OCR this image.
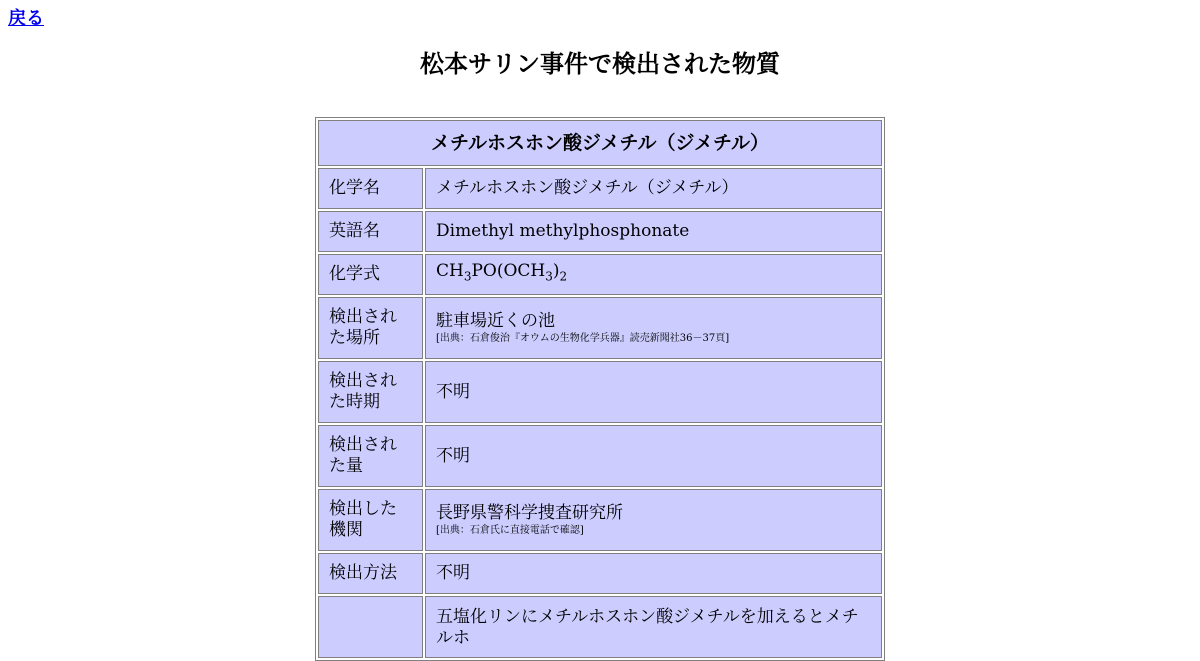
戻る
松本サリン事件で検出された物質
メチルホスホン酸ジメチル（ジメチル）	
化学名	メチルホスホン酸ジメチル（ジメチル）
英語名	Dimethyl methylphosphonate
化学式	$CH_3PO(OCH_3)_2$
検出された場所	駐車場近くの池
[出典：石倉俊治『オウムの生物化学兵器』読売新聞社36－37頁]

検出された時期	不明
検出された量	不明
検出した機関	長野県警科学捜査研究所
[出典：石倉氏に直接電話で確認]

検出方法	不明
	五塩化リンにメチルホスホン酸ジメチルを加えるとメチルホ
